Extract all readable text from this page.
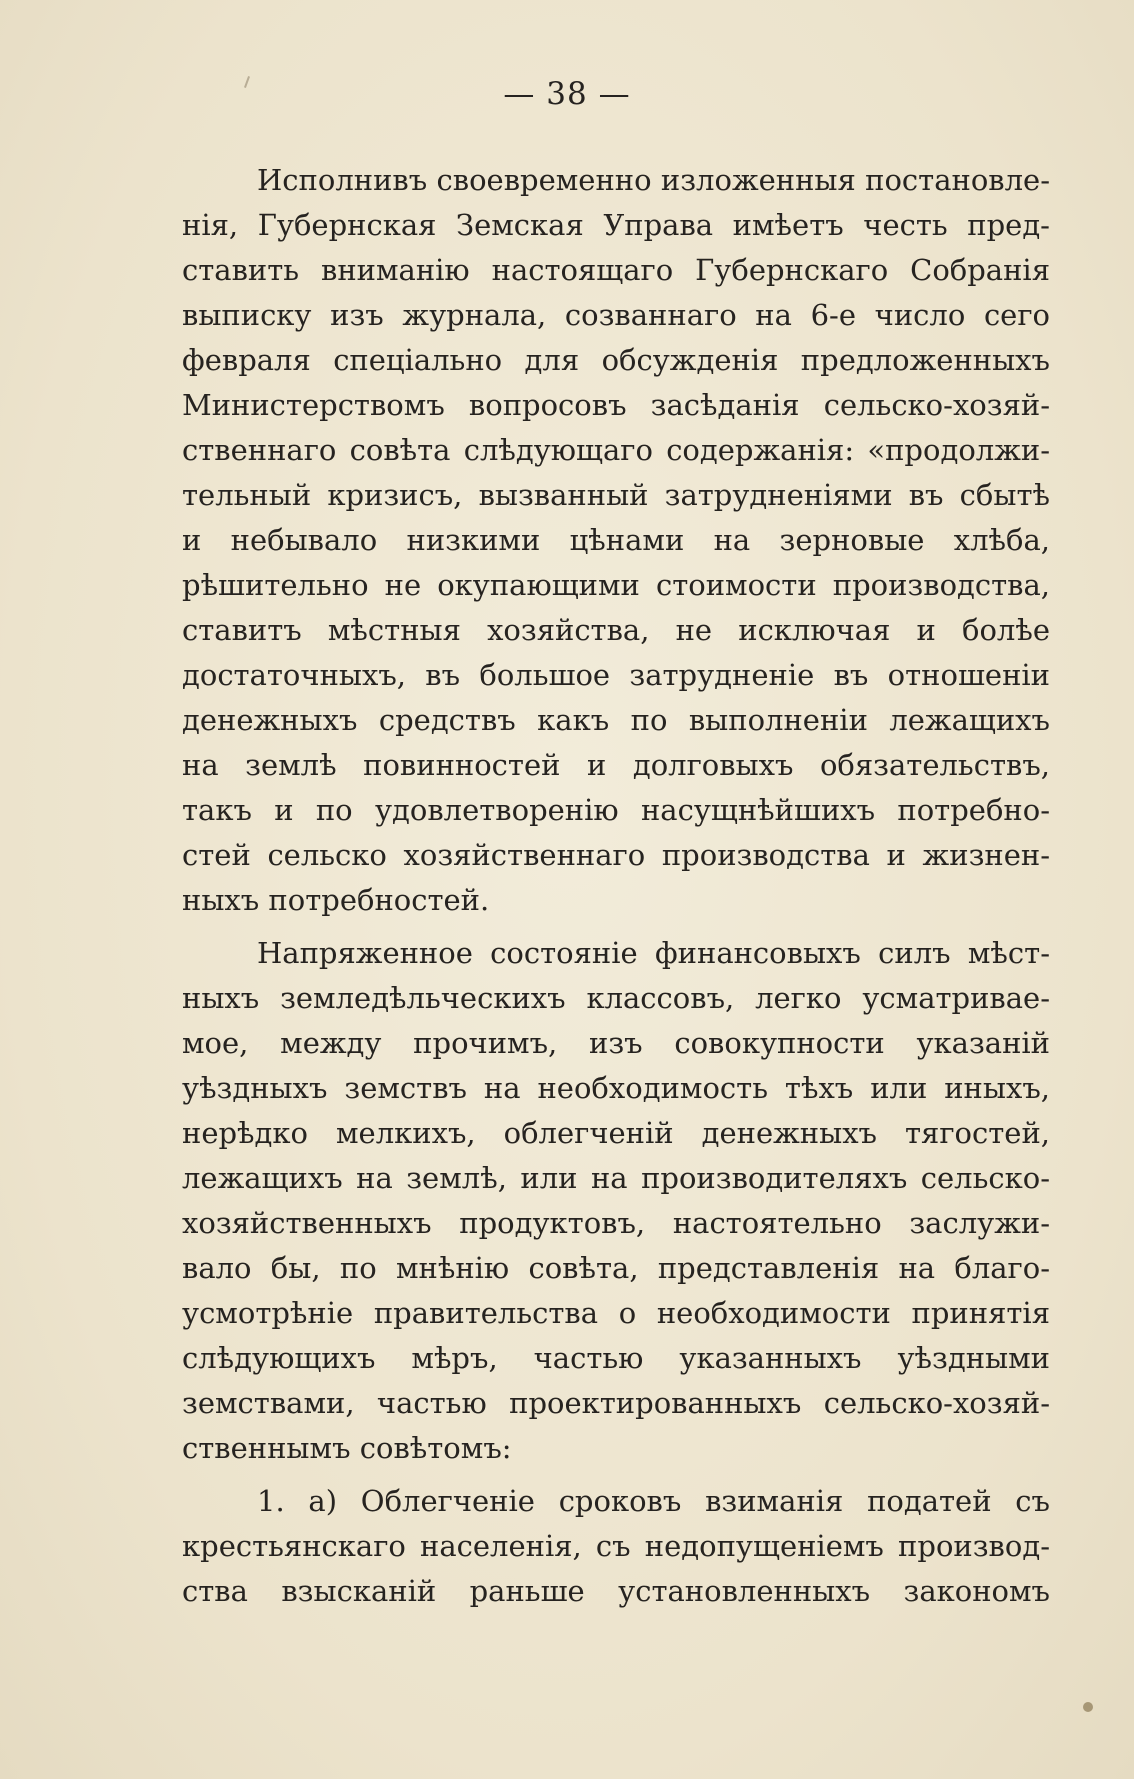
— 38 —
Исполнивъ своевременно изложенныя постановле-
нія, Губернская Земская Управа имѣетъ честь пред-
ставить вниманію настоящаго Губернскаго Собранія
выписку изъ журнала, созваннаго на 6-е число сего
февраля спеціально для обсужденія предложенныхъ
Министерствомъ вопросовъ засѣданія сельско-хозяй-
ственнаго совѣта слѣдующаго содержанія: «продолжи-
тельный кризисъ, вызванный затрудненіями въ сбытѣ
и небывало низкими цѣнами на зерновые хлѣба,
рѣшительно не окупающими стоимости производства,
ставитъ мѣстныя хозяйства, не исключая и болѣе
достаточныхъ, въ большое затрудненіе въ отношеніи
денежныхъ средствъ какъ по выполненіи лежащихъ
на землѣ повинностей и долговыхъ обязательствъ,
такъ и по удовлетворенію насущнѣйшихъ потребно-
стей сельско хозяйственнаго производства и жизнен-
ныхъ потребностей.
Напряженное состояніе финансовыхъ силъ мѣст-
ныхъ земледѣльческихъ классовъ, легко усматривае-
мое, между прочимъ, изъ совокупности указаній
уѣздныхъ земствъ на необходимость тѣхъ или иныхъ,
нерѣдко мелкихъ, облегченій денежныхъ тягостей,
лежащихъ на землѣ, или на производителяхъ сельско-
хозяйственныхъ продуктовъ, настоятельно заслужи-
вало бы, по мнѣнію совѣта, представленія на благо-
усмотрѣніе правительства о необходимости принятія
слѣдующихъ мѣръ, частью указанныхъ уѣздными
земствами, частью проектированныхъ сельско-хозяй-
ственнымъ совѣтомъ:
1. а) Облегченіе сроковъ взиманія податей съ
крестьянскаго населенія, съ недопущеніемъ производ-
ства взысканій раньше установленныхъ закономъ
